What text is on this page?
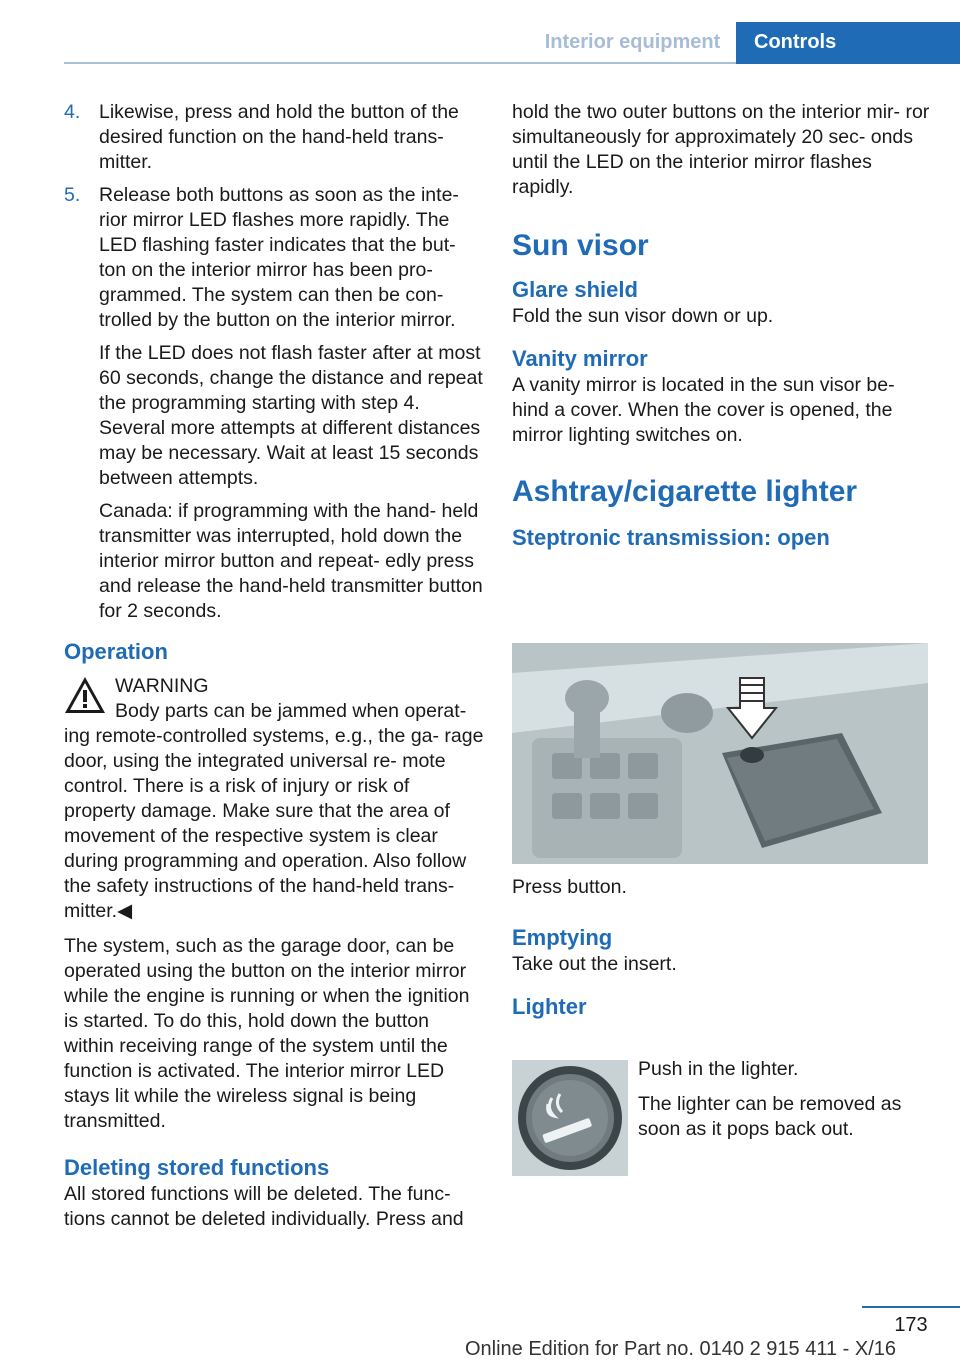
Interior equipment	Controls
4. Likewise, press and hold the button of the desired function on the hand-held trans- mitter.

5. Release both buttons as soon as the inte- rior mirror LED flashes more rapidly. The LED flashing faster indicates that the but- ton on the interior mirror has been pro- grammed. The system can then be con- trolled by the button on the interior mirror.

If the LED does not flash faster after at most 60 seconds, change the distance and repeat the programming starting with step 4. Several more attempts at different distances may be necessary. Wait at least 15 seconds between attempts.

Canada: if programming with the hand- held transmitter was interrupted, hold down the interior mirror button and repeat- edly press and release the hand-held transmitter button for 2 seconds.

Operation
WARNING

Body parts can be jammed when operat- ing remote-controlled systems, e.g., the ga- rage door, using the integrated universal re- mote control. There is a risk of injury or risk of property damage. Make sure that the area of movement of the respective system is clear during programming and operation. Also follow the safety instructions of the hand-held trans- mitter.◀

The system, such as the garage door, can be operated using the button on the interior mirror while the engine is running or when the ignition is started. To do this, hold down the button within receiving range of the system until the function is activated. The interior mirror LED stays lit while the wireless signal is being transmitted.

Deleting stored functions

All stored functions will be deleted. The func- tions cannot be deleted individually. Press and

hold the two outer buttons on the interior mir- ror simultaneously for approximately 20 sec- onds until the LED on the interior mirror flashes rapidly.

Sun visor
Glare shield

Fold the sun visor down or up.

Vanity mirror

A vanity mirror is located in the sun visor be- hind a cover. When the cover is opened, the mirror lighting switches on.

Ashtray/cigarette lighter
Steptronic transmission: open

Press button.

Emptying

Take out the insert.

Lighter

Push in the lighter.

The lighter can be removed as soon as it pops back out.

173
Online Edition for Part no. 0140 2 915 411 - X/16
